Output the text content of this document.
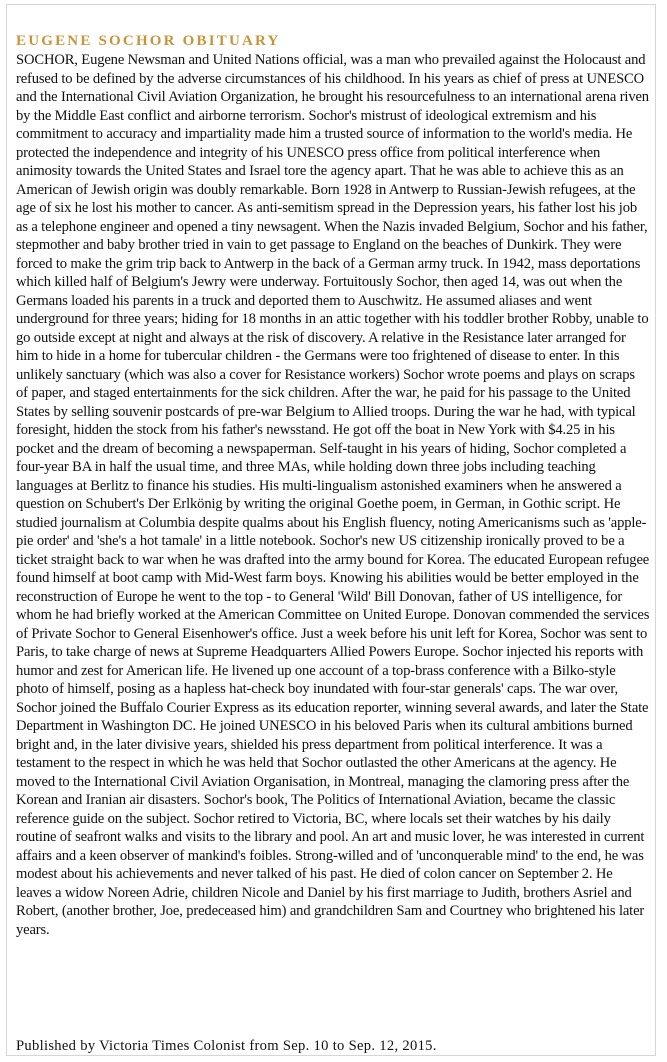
EUGENE SOCHOR OBITUARY

SOCHOR, Eugene Newsman and United Nations official, was a man who prevailed against the Holocaust and refused to be defined by the adverse circumstances of his childhood. In his years as chief of press at UNESCO and the International Civil Aviation Organization, he brought his resourcefulness to an international arena riven by the Middle East conflict and airborne terrorism. Sochor's mistrust of ideological extremism and his commitment to accuracy and impartiality made him a trusted source of information to the world's media. He protected the independence and integrity of his UNESCO press office from political interference when animosity towards the United States and Israel tore the agency apart. That he was able to achieve this as an American of Jewish origin was doubly remarkable. Born 1928 in Antwerp to Russian-Jewish refugees, at the age of six he lost his mother to cancer. As anti-semitism spread in the Depression years, his father lost his job as a telephone engineer and opened a tiny newsagent. When the Nazis invaded Belgium, Sochor and his father, stepmother and baby brother tried in vain to get passage to England on the beaches of Dunkirk. They were forced to make the grim trip back to Antwerp in the back of a German army truck. In 1942, mass deportations which killed half of Belgium's Jewry were underway. Fortuitously Sochor, then aged 14, was out when the Germans loaded his parents in a truck and deported them to Auschwitz. He assumed aliases and went underground for three years; hiding for 18 months in an attic together with his toddler brother Robby, unable to go outside except at night and always at the risk of discovery. A relative in the Resistance later arranged for him to hide in a home for tubercular children - the Germans were too frightened of disease to enter. In this unlikely sanctuary (which was also a cover for Resistance workers) Sochor wrote poems and plays on scraps of paper, and staged entertainments for the sick children. After the war, he paid for his passage to the United States by selling souvenir postcards of pre-war Belgium to Allied troops. During the war he had, with typical foresight, hidden the stock from his father's newsstand. He got off the boat in New York with $4.25 in his pocket and the dream of becoming a newspaperman. Self-taught in his years of hiding, Sochor completed a four-year BA in half the usual time, and three MAs, while holding down three jobs including teaching languages at Berlitz to finance his studies. His multi-lingualism astonished examiners when he answered a question on Schubert's Der Erlkönig by writing the original Goethe poem, in German, in Gothic script. He studied journalism at Columbia despite qualms about his English fluency, noting Americanisms such as 'apple-pie order' and 'she's a hot tamale' in a little notebook. Sochor's new US citizenship ironically proved to be a ticket straight back to war when he was drafted into the army bound for Korea. The educated European refugee found himself at boot camp with Mid-West farm boys. Knowing his abilities would be better employed in the reconstruction of Europe he went to the top - to General 'Wild' Bill Donovan, father of US intelligence, for whom he had briefly worked at the American Committee on United Europe. Donovan commended the services of Private Sochor to General Eisenhower's office. Just a week before his unit left for Korea, Sochor was sent to Paris, to take charge of news at Supreme Headquarters Allied Powers Europe. Sochor injected his reports with humor and zest for American life. He livened up one account of a top-brass conference with a Bilko-style photo of himself, posing as a hapless hat-check boy inundated with four-star generals' caps. The war over, Sochor joined the Buffalo Courier Express as its education reporter, winning several awards, and later the State Department in Washington DC. He joined UNESCO in his beloved Paris when its cultural ambitions burned bright and, in the later divisive years, shielded his press department from political interference. It was a testament to the respect in which he was held that Sochor outlasted the other Americans at the agency. He moved to the International Civil Aviation Organisation, in Montreal, managing the clamoring press after the Korean and Iranian air disasters. Sochor's book, The Politics of International Aviation, became the classic reference guide on the subject. Sochor retired to Victoria, BC, where locals set their watches by his daily routine of seafront walks and visits to the library and pool. An art and music lover, he was interested in current affairs and a keen observer of mankind's foibles. Strong-willed and of 'unconquerable mind' to the end, he was modest about his achievements and never talked of his past. He died of colon cancer on September 2. He leaves a widow Noreen Adrie, children Nicole and Daniel by his first marriage to Judith, brothers Asriel and Robert, (another brother, Joe, predeceased him) and grandchildren Sam and Courtney who brightened his later years.

Published by Victoria Times Colonist from Sep. 10 to Sep. 12, 2015.
